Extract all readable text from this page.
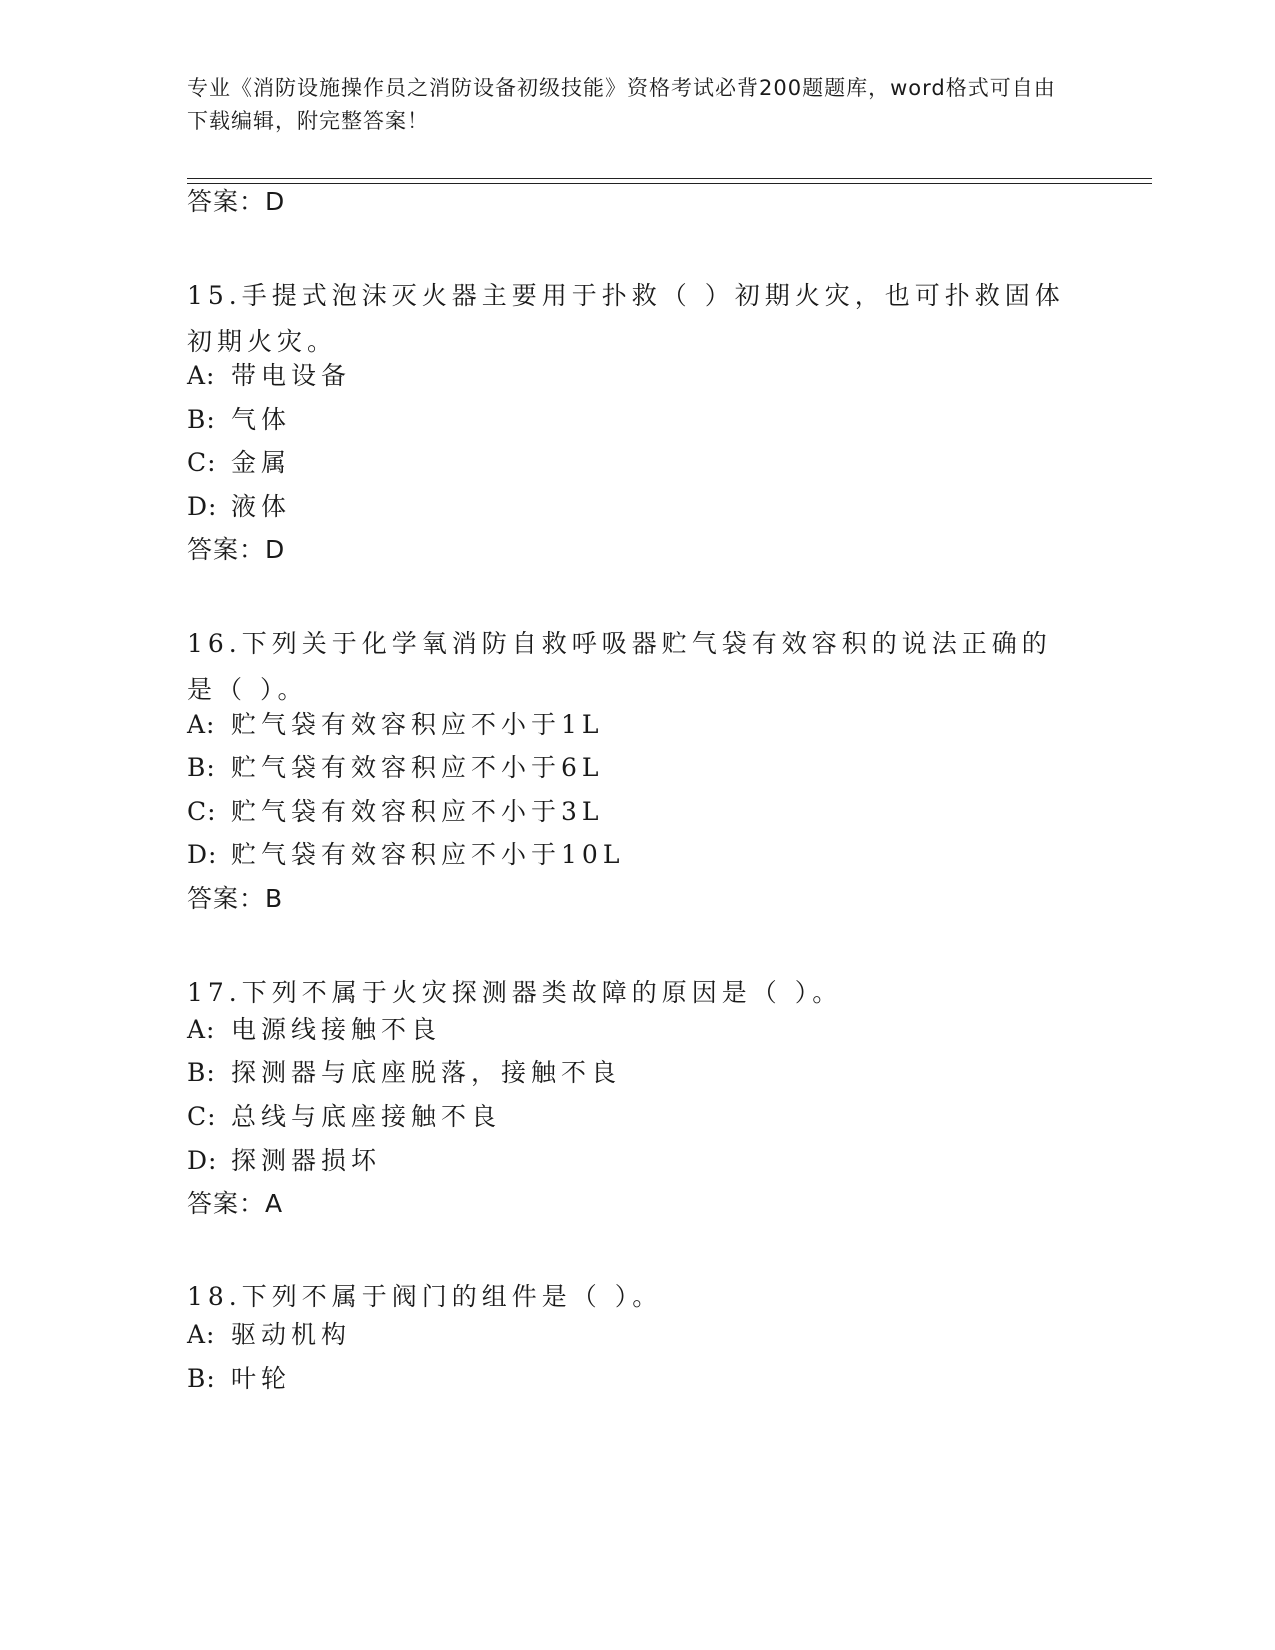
专业《消防设施操作员之消防设备初级技能》资格考试必背200题题库，word格式可自由下载编辑，附完整答案！
答案：D
15.手提式泡沫灭火器主要用于扑救（ ）初期火灾，也可扑救固体初期火灾。
A: 带电设备
B: 气体
C: 金属
D: 液体
答案：D
16.下列关于化学氧消防自救呼吸器贮气袋有效容积的说法正确的是（ ）。
A: 贮气袋有效容积应不小于1L
B: 贮气袋有效容积应不小于6L
C: 贮气袋有效容积应不小于3L
D: 贮气袋有效容积应不小于10L
答案：B
17.下列不属于火灾探测器类故障的原因是（ ）。
A: 电源线接触不良
B: 探测器与底座脱落，接触不良
C: 总线与底座接触不良
D: 探测器损坏
答案：A
18.下列不属于阀门的组件是（ ）。
A: 驱动机构
B: 叶轮
